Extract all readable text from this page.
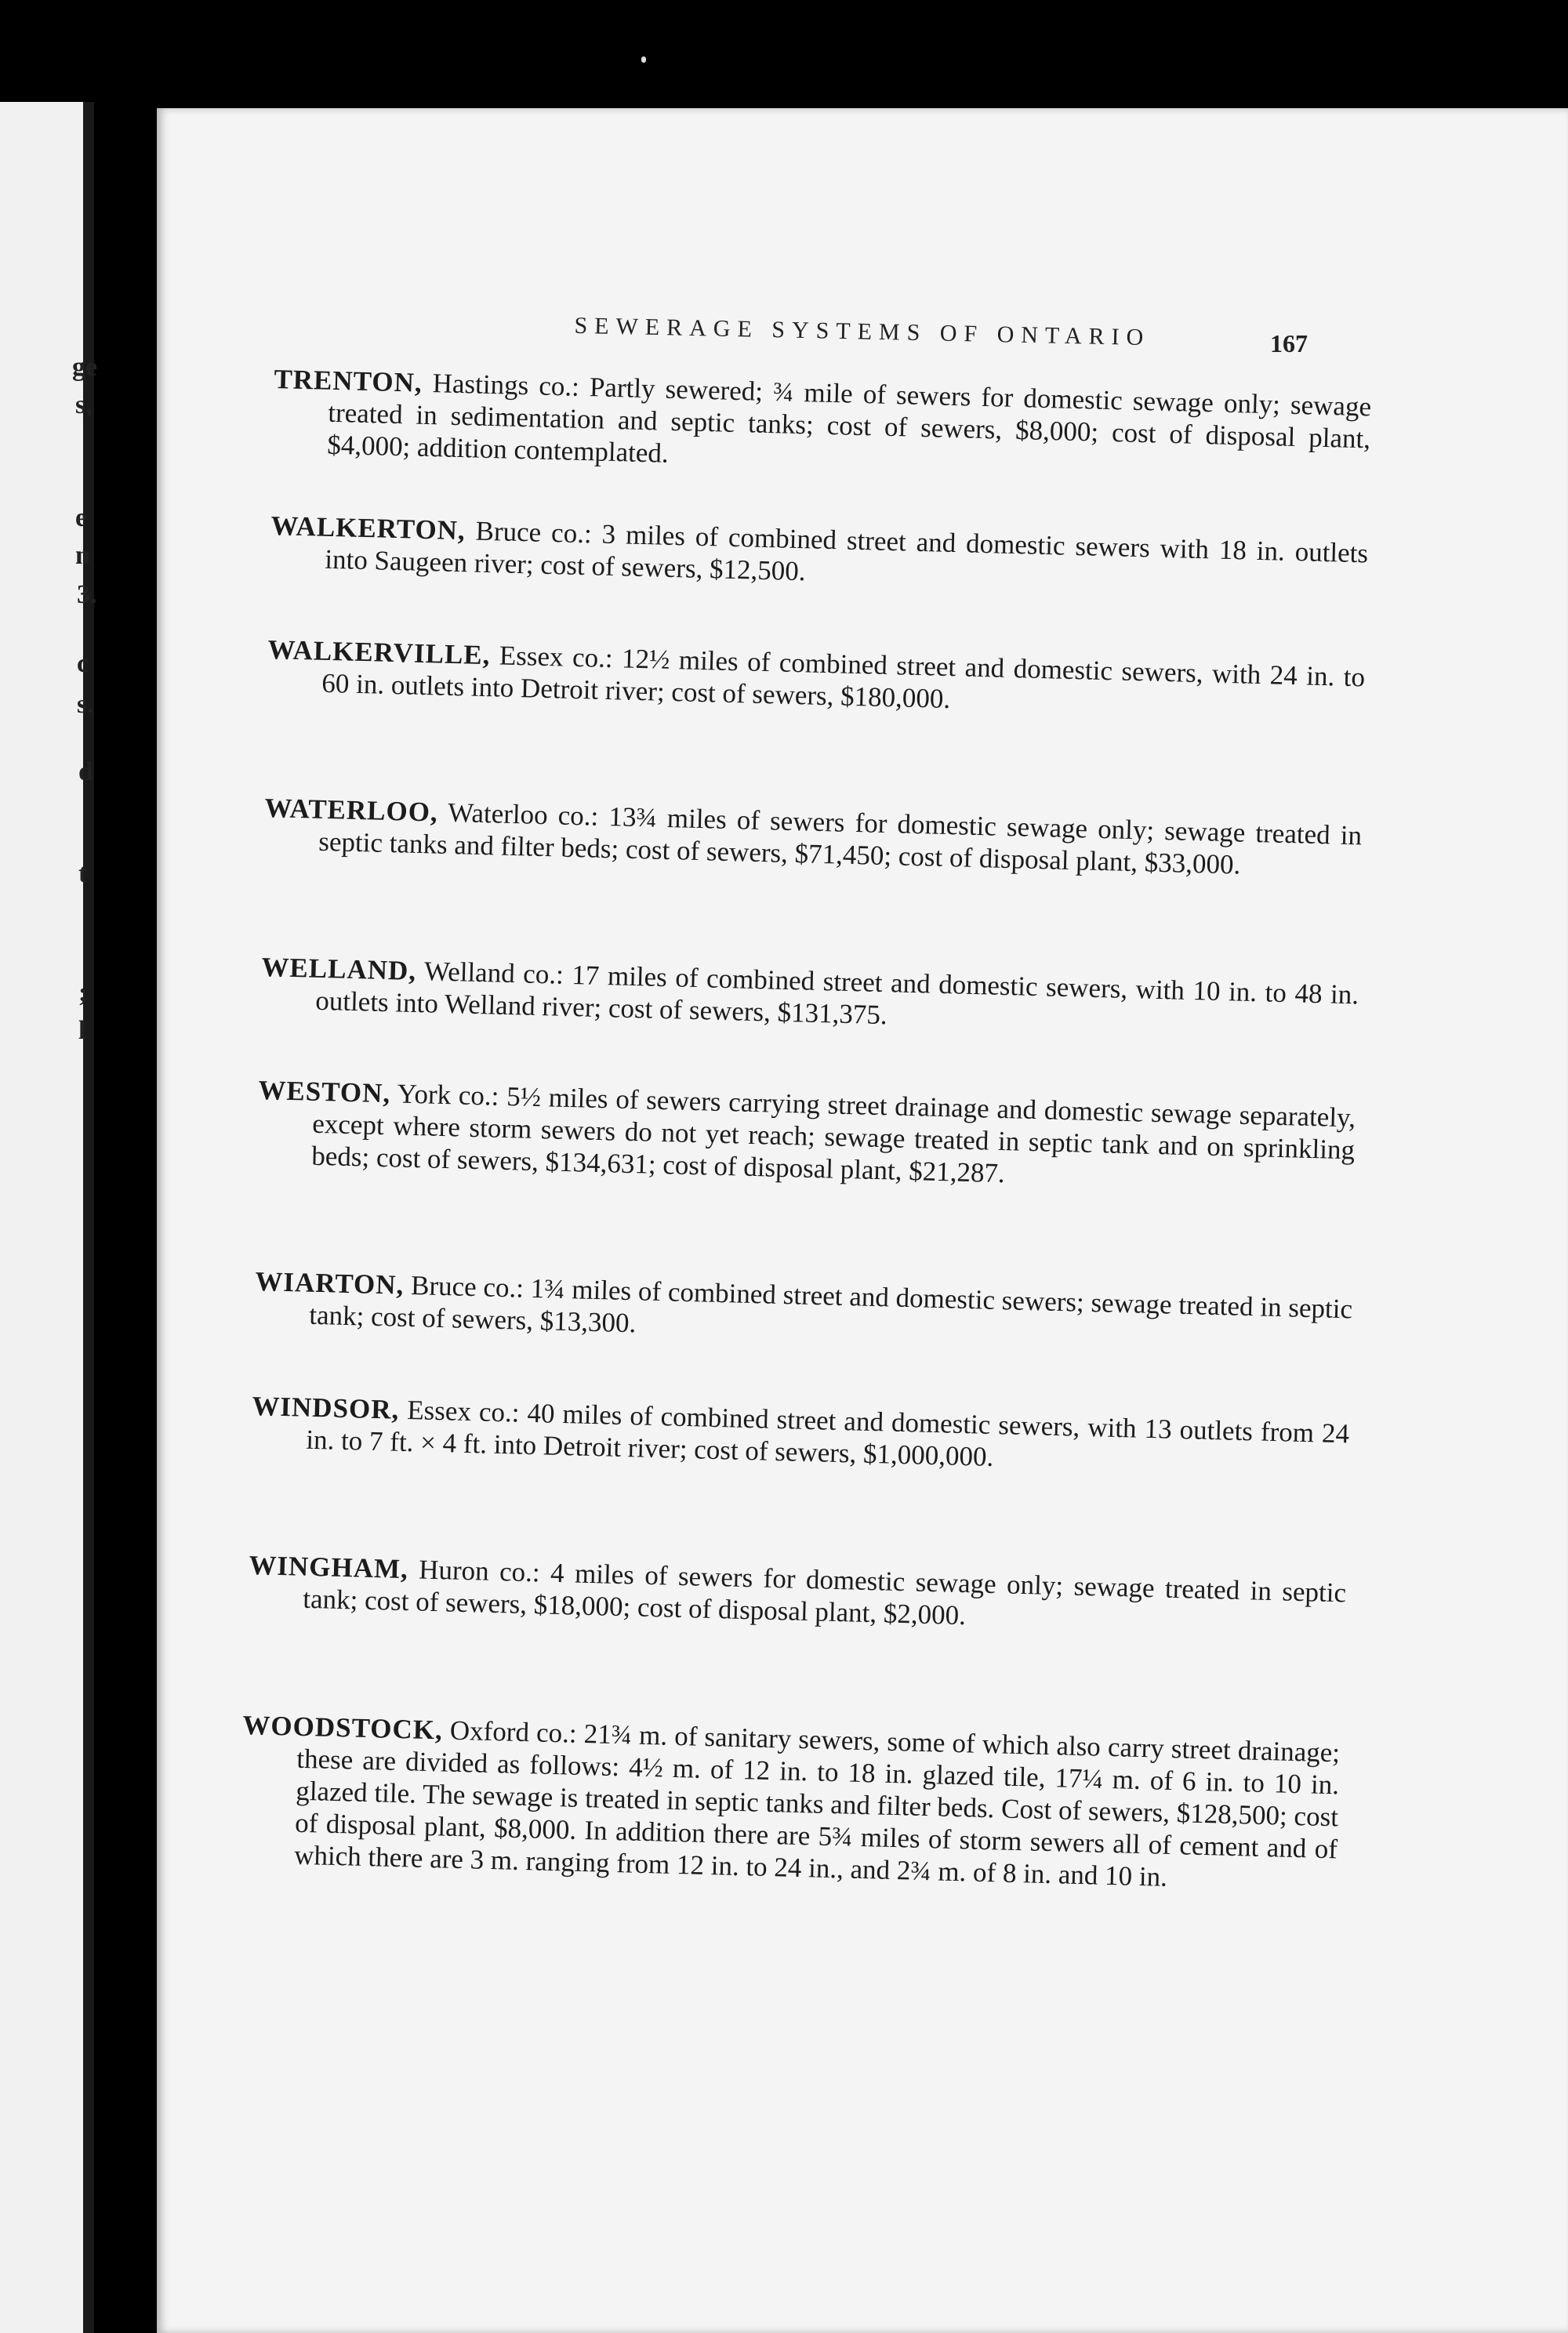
ge
s,
e
n
3.
c
s.
d
t
;
l
SEWERAGE SYSTEMS OF ONTARIO	167
TRENTON, Hastings co.: Partly sewered; ¾ mile of sewers for domestic sewage only; sewage treated in sedimentation and septic tanks; cost of sewers, $8,000; cost of disposal plant, $4,000; addition contemplated.
WALKERTON, Bruce co.: 3 miles of combined street and domestic sewers with 18 in. outlets into Saugeen river; cost of sewers, $12,500.
WALKERVILLE, Essex co.: 12½ miles of combined street and domestic sewers, with 24 in. to 60 in. outlets into Detroit river; cost of sewers, $180,000.
WATERLOO, Waterloo co.: 13¾ miles of sewers for domestic sewage only; sewage treated in septic tanks and filter beds; cost of sewers, $71,450; cost of disposal plant, $33,000.
WELLAND, Welland co.: 17 miles of combined street and domestic sewers, with 10 in. to 48 in. outlets into Welland river; cost of sewers, $131,375.
WESTON, York co.: 5½ miles of sewers carrying street drainage and domestic sewage separately, except where storm sewers do not yet reach; sewage treated in septic tank and on sprinkling beds; cost of sewers, $134,631; cost of disposal plant, $21,287.
WIARTON, Bruce co.: 1¾ miles of combined street and domestic sewers; sewage treated in septic tank; cost of sewers, $13,300.
WINDSOR, Essex co.: 40 miles of combined street and domestic sewers, with 13 outlets from 24 in. to 7 ft. × 4 ft. into Detroit river; cost of sewers, $1,000,000.
WINGHAM, Huron co.: 4 miles of sewers for domestic sewage only; sewage treated in septic tank; cost of sewers, $18,000; cost of disposal plant, $2,000.
WOODSTOCK, Oxford co.: 21¾ m. of sanitary sewers, some of which also carry street drainage; these are divided as follows: 4½ m. of 12 in. to 18 in. glazed tile, 17¼ m. of 6 in. to 10 in. glazed tile. The sewage is treated in septic tanks and filter beds. Cost of sewers, $128,500; cost of disposal plant, $8,000. In addition there are 5¾ miles of storm sewers all of cement and of which there are 3 m. ranging from 12 in. to 24 in., and 2¾ m. of 8 in. and 10 in.
